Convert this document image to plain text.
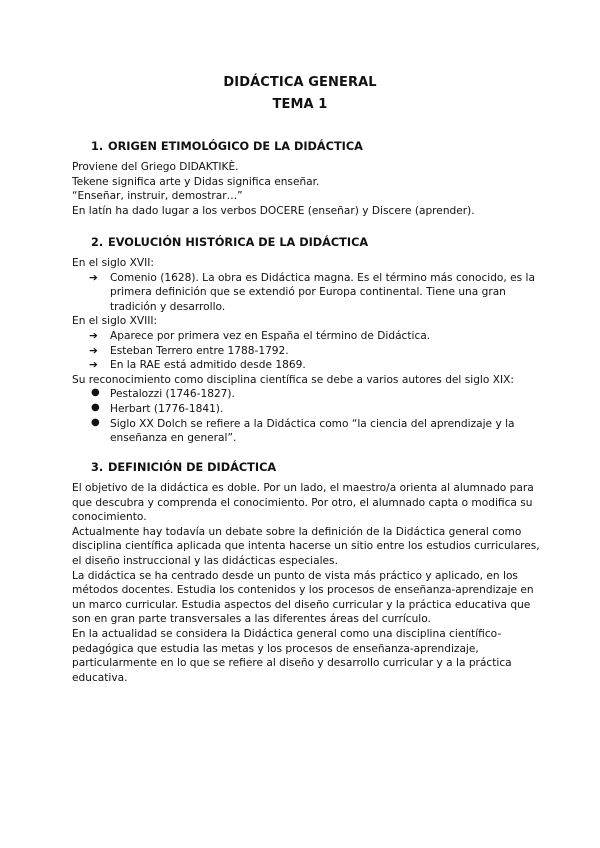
DIDÁCTICA GENERAL
TEMA 1
1. ORIGEN ETIMOLÓGICO DE LA DIDÁCTICA

Proviene del Griego DIDAKTIKÈ.

Tekene significa arte y Didas significa enseñar.

“Enseñar, instruir, demostrar…”

En latín ha dado lugar a los verbos DOCERE (enseñar) y Discere (aprender).

2. EVOLUCIÓN HISTÓRICA DE LA DIDÁCTICA

En el siglo XVII:

➔ Comenio (1628). La obra es Didáctica magna. Es el término más conocido, es la primera definición que se extendió por Europa continental. Tiene una gran tradición y desarrollo.

En el siglo XVIII:

➔ Aparece por primera vez en España el término de Didáctica.
➔ Esteban Terrero entre 1788-1792.
➔ En la RAE está admitido desde 1869.

Su reconocimiento como disciplina científica se debe a varios autores del siglo XIX:

● Pestalozzi (1746-1827).
● Herbart (1776-1841).
● Siglo XX Dolch se refiere a la Didáctica como “la ciencia del aprendizaje y la enseñanza en general”.
3. DEFINICIÓN DE DIDÁCTICA

El objetivo de la didáctica es doble. Por un lado, el maestro/a orienta al alumnado para que descubra y comprenda el conocimiento. Por otro, el alumnado capta o modifica su conocimiento.

Actualmente hay todavía un debate sobre la definición de la Didáctica general como disciplina científica aplicada que intenta hacerse un sitio entre los estudios curriculares, el diseño instruccional y las didácticas especiales.

La didáctica se ha centrado desde un punto de vista más práctico y aplicado, en los métodos docentes. Estudia los contenidos y los procesos de enseñanza-aprendizaje en un marco curricular. Estudia aspectos del diseño curricular y la práctica educativa que son en gran parte transversales a las diferentes áreas del currículo.

En la actualidad se considera la Didáctica general como una disciplina científico-pedagógica que estudia las metas y los procesos de enseñanza-aprendizaje, particularmente en lo que se refiere al diseño y desarrollo curricular y a la práctica educativa.
